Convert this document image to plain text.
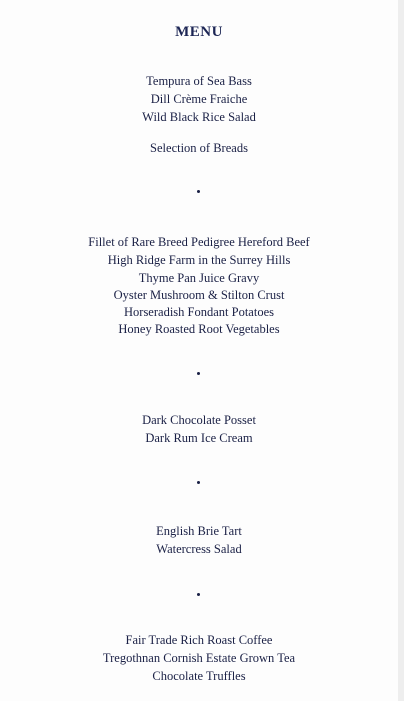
MENU
Tempura of Sea Bass
Dill Crème Fraiche
Wild Black Rice Salad
Selection of Breads
Fillet of Rare Breed Pedigree Hereford Beef
High Ridge Farm in the Surrey Hills
Thyme Pan Juice Gravy
Oyster Mushroom & Stilton Crust
Horseradish Fondant Potatoes
Honey Roasted Root Vegetables
Dark Chocolate Posset
Dark Rum Ice Cream
English Brie Tart
Watercress Salad
Fair Trade Rich Roast Coffee
Tregothnan Cornish Estate Grown Tea
Chocolate Truffles
